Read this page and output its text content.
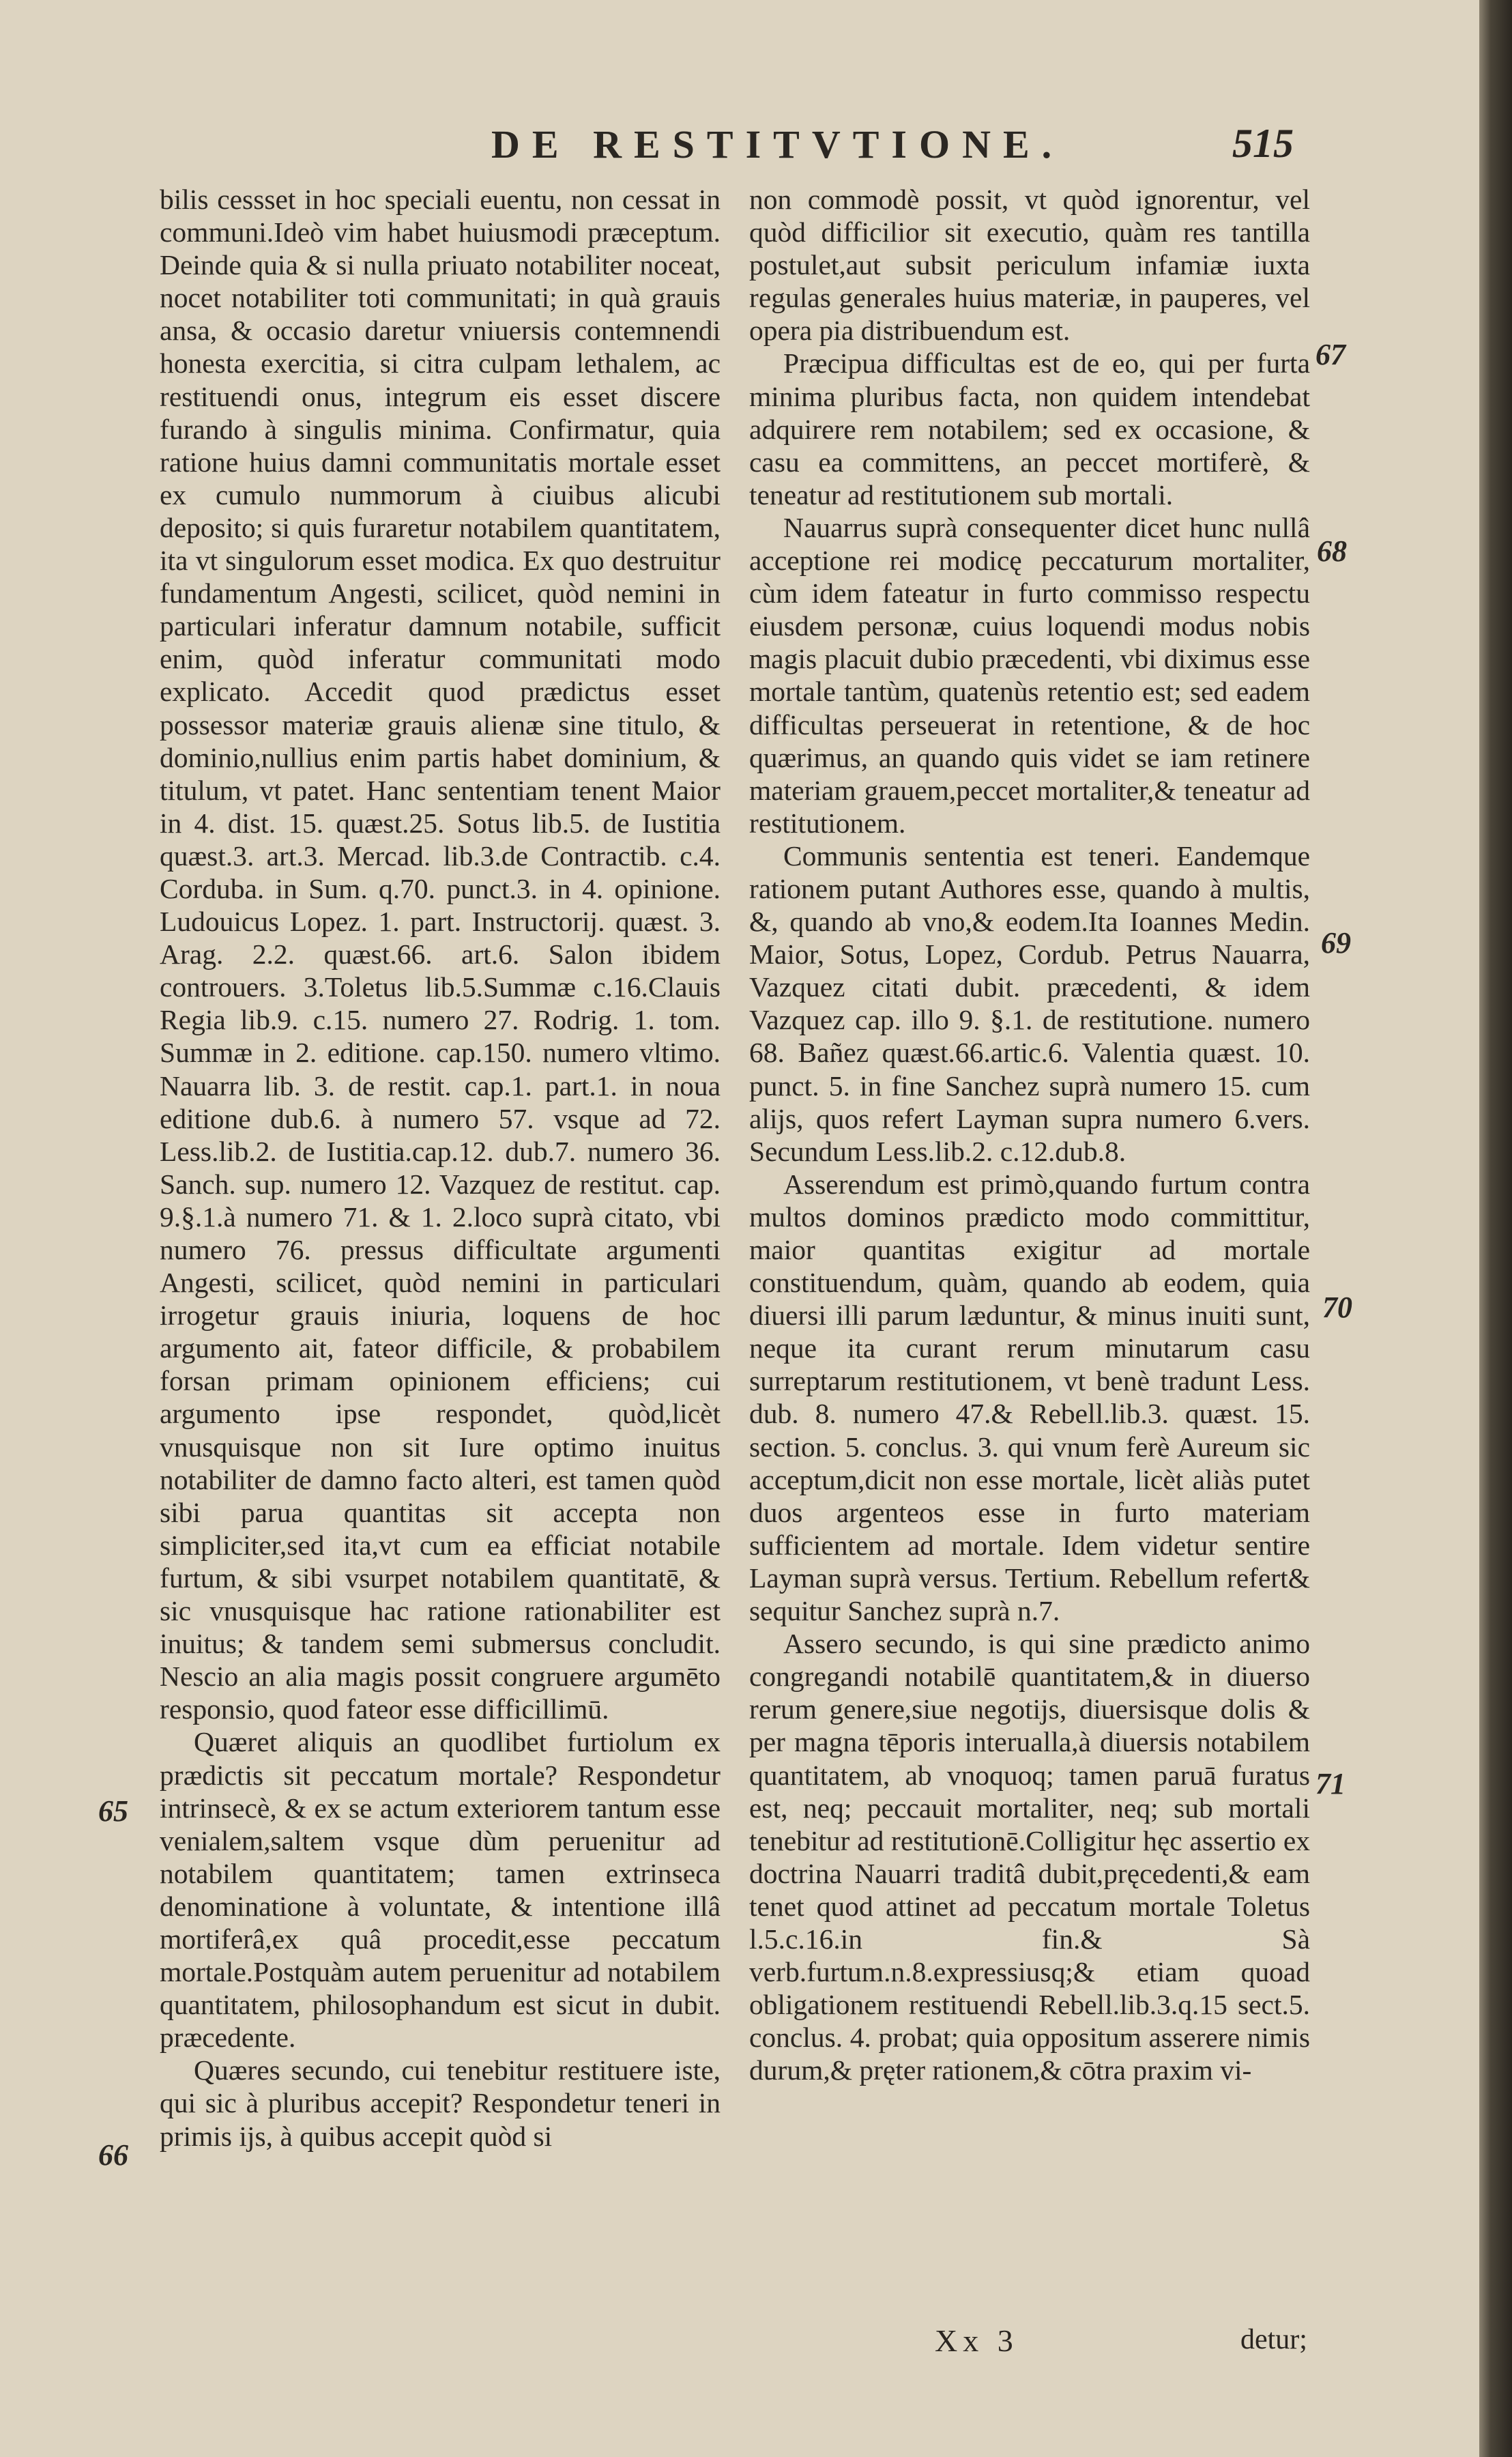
DE RESTITVTIONE.	515

bilis cessset in hoc speciali euentu, non cessat in communi.Ideò vim habet huiusmodi præceptum. Deinde quia & si nulla priuato notabiliter noceat, nocet notabiliter toti communitati; in quà grauis ansa, & occasio daretur vniuersis contemnendi honesta exercitia, si citra culpam lethalem, ac restituendi onus, integrum eis esset discere furando à singulis minima. Confirmatur, quia ratione huius damni communitatis mortale esset ex cumulo nummorum à ciuibus alicubi deposito; si quis furaretur notabilem quantitatem, ita vt singulorum esset modica. Ex quo destruitur fundamentum Angesti, scilicet, quòd nemini in particulari inferatur damnum notabile, sufficit enim, quòd inferatur communitati modo explicato. Accedit quod prædictus esset possessor materiæ grauis alienæ sine titulo, & dominio,nullius enim partis habet dominium, & titulum, vt patet. Hanc sententiam tenent Maior in 4. dist. 15. quæst.25. Sotus lib.5. de Iustitia quæst.3. art.3. Mercad. lib.3.de Contractib. c.4. Corduba. in Sum. q.70. punct.3. in 4. opinione. Ludouicus Lopez. 1. part. Instructorij. quæst. 3. Arag. 2.2. quæst.66. art.6. Salon ibidem controuers. 3.Toletus lib.5.Summæ c.16.Clauis Regia lib.9. c.15. numero 27. Rodrig. 1. tom. Summæ in 2. editione. cap.150. numero vltimo. Nauarra lib. 3. de restit. cap.1. part.1. in noua editione dub.6. à numero 57. vsque ad 72. Less.lib.2. de Iustitia.cap.12. dub.7. numero 36. Sanch. sup. numero 12. Vazquez de restitut. cap. 9.§.1.à numero 71. & 1. 2.loco suprà citato, vbi numero 76. pressus difficultate argumenti Angesti, scilicet, quòd nemini in particulari irrogetur grauis iniuria, loquens de hoc argumento ait, fateor difficile, & probabilem forsan primam opinionem efficiens; cui argumento ipse respondet, quòd,licèt vnusquisque non sit Iure optimo inuitus notabiliter de damno facto alteri, est tamen quòd sibi parua quantitas sit accepta non simpliciter,sed ita,vt cum ea efficiat notabile furtum, & sibi vsurpet notabilem quantitatē, & sic vnusquisque hac ratione rationabiliter est inuitus; & tandem semi submersus concludit. Nescio an alia magis possit congruere argumēto responsio, quod fateor esse difficillimū.

Quæret aliquis an quodlibet furtiolum ex prædictis sit peccatum mortale? Respondetur intrinsecè, & ex se actum exteriorem tantum esse venialem,saltem vsque dùm peruenitur ad notabilem quantitatem; tamen extrinseca denominatione à voluntate, & intentione illâ mortiferâ,ex quâ procedit,esse peccatum mortale.Postquàm autem peruenitur ad notabilem quantitatem, philosophandum est sicut in dubit. præcedente.

Quæres secundo, cui tenebitur restituere iste, qui sic à pluribus accepit? Respondetur teneri in primis ijs, à quibus accepit quòd si

65
66

non commodè possit, vt quòd ignorentur, vel quòd difficilior sit executio, quàm res tantilla postulet,aut subsit periculum infamiæ iuxta regulas generales huius materiæ, in pauperes, vel opera pia distribuendum est.

Præcipua difficultas est de eo, qui per furta minima pluribus facta, non quidem intendebat adquirere rem notabilem; sed ex occasione, & casu ea committens, an peccet mortiferè, & teneatur ad restitutionem sub mortali.

Nauarrus suprà consequenter dicet hunc nullâ acceptione rei modicę peccaturum mortaliter, cùm idem fateatur in furto commisso respectu eiusdem personæ, cuius loquendi modus nobis magis placuit dubio præcedenti, vbi diximus esse mortale tantùm, quatenùs retentio est; sed eadem difficultas perseuerat in retentione, & de hoc quærimus, an quando quis videt se iam retinere materiam grauem,peccet mortaliter,& teneatur ad restitutionem.

Communis sententia est teneri. Eandemque rationem putant Authores esse, quando à multis, &, quando ab vno,& eodem.Ita Ioannes Medin. Maior, Sotus, Lopez, Cordub. Petrus Nauarra, Vazquez citati dubit. præcedenti, & idem Vazquez cap. illo 9. §.1. de restitutione. numero 68. Bañez quæst.66.artic.6. Valentia quæst. 10. punct. 5. in fine Sanchez suprà numero 15. cum alijs, quos refert Layman supra numero 6.vers. Secundum Less.lib.2. c.12.dub.8.

Asserendum est primò,quando furtum contra multos dominos prædicto modo committitur, maior quantitas exigitur ad mortale constituendum, quàm, quando ab eodem, quia diuersi illi parum læduntur, & minus inuiti sunt, neque ita curant rerum minutarum casu surreptarum restitutionem, vt benè tradunt Less. dub. 8. numero 47.& Rebell.lib.3. quæst. 15. section. 5. conclus. 3. qui vnum ferè Aureum sic acceptum,dicit non esse mortale, licèt aliàs putet duos argenteos esse in furto materiam sufficientem ad mortale. Idem videtur sentire Layman suprà versus. Tertium. Rebellum refert& sequitur Sanchez suprà n.7.

Assero secundo, is qui sine prædicto animo congregandi notabilē quantitatem,& in diuerso rerum genere,siue negotijs, diuersisque dolis & per magna tēporis interualla,à diuersis notabilem quantitatem, ab vnoquoq; tamen paruā furatus est, neq; peccauit mortaliter, neq; sub mortali tenebitur ad restitutionē.Colligitur hęc assertio ex doctrina Nauarri traditâ dubit,pręcedenti,& eam tenet quod attinet ad peccatum mortale Toletus l.5.c.16.in fin.& Sà verb.furtum.n.8.expressiusq;& etiam quoad obligationem restituendi Rebell.lib.3.q.15 sect.5. conclus. 4. probat; quia oppositum asserere nimis durum,& pręter rationem,& cōtra praxim vi-

67
68
69
70
71
Xx 3	detur;
